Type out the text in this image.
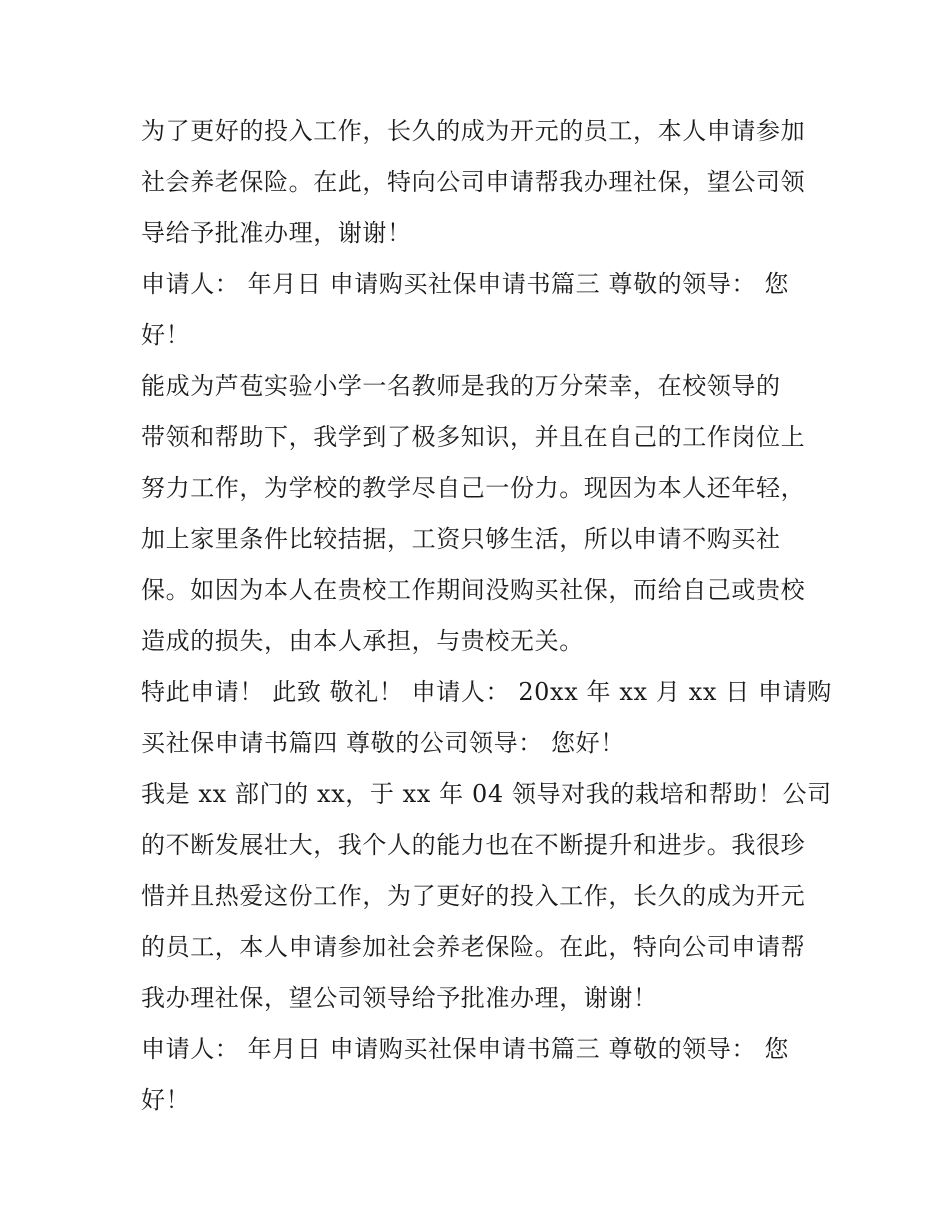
为了更好的投入工作，长久的成为开元的员工，本人申请参加
社会养老保险。在此，特向公司申请帮我办理社保，望公司领
导给予批准办理，谢谢！
申请人： 年月日 申请购买社保申请书篇三 尊敬的领导： 您
好！
能成为芦苞实验小学一名教师是我的万分荣幸，在校领导的
带领和帮助下，我学到了极多知识，并且在自己的工作岗位上
努力工作，为学校的教学尽自己一份力。现因为本人还年轻，
加上家里条件比较拮据，工资只够生活，所以申请不购买社
保。如因为本人在贵校工作期间没购买社保，而给自己或贵校
造成的损失，由本人承担，与贵校无关。
特此申请！ 此致 敬礼！ 申请人： 20xx 年 xx 月 xx 日 申请购
买社保申请书篇四 尊敬的公司领导： 您好！
我是 xx 部门的 xx，于 xx 年 04 领导对我的栽培和帮助！公司
的不断发展壮大，我个人的能力也在不断提升和进步。我很珍
惜并且热爱这份工作，为了更好的投入工作，长久的成为开元
的员工，本人申请参加社会养老保险。在此，特向公司申请帮
我办理社保，望公司领导给予批准办理，谢谢！
申请人： 年月日 申请购买社保申请书篇三 尊敬的领导： 您
好！
